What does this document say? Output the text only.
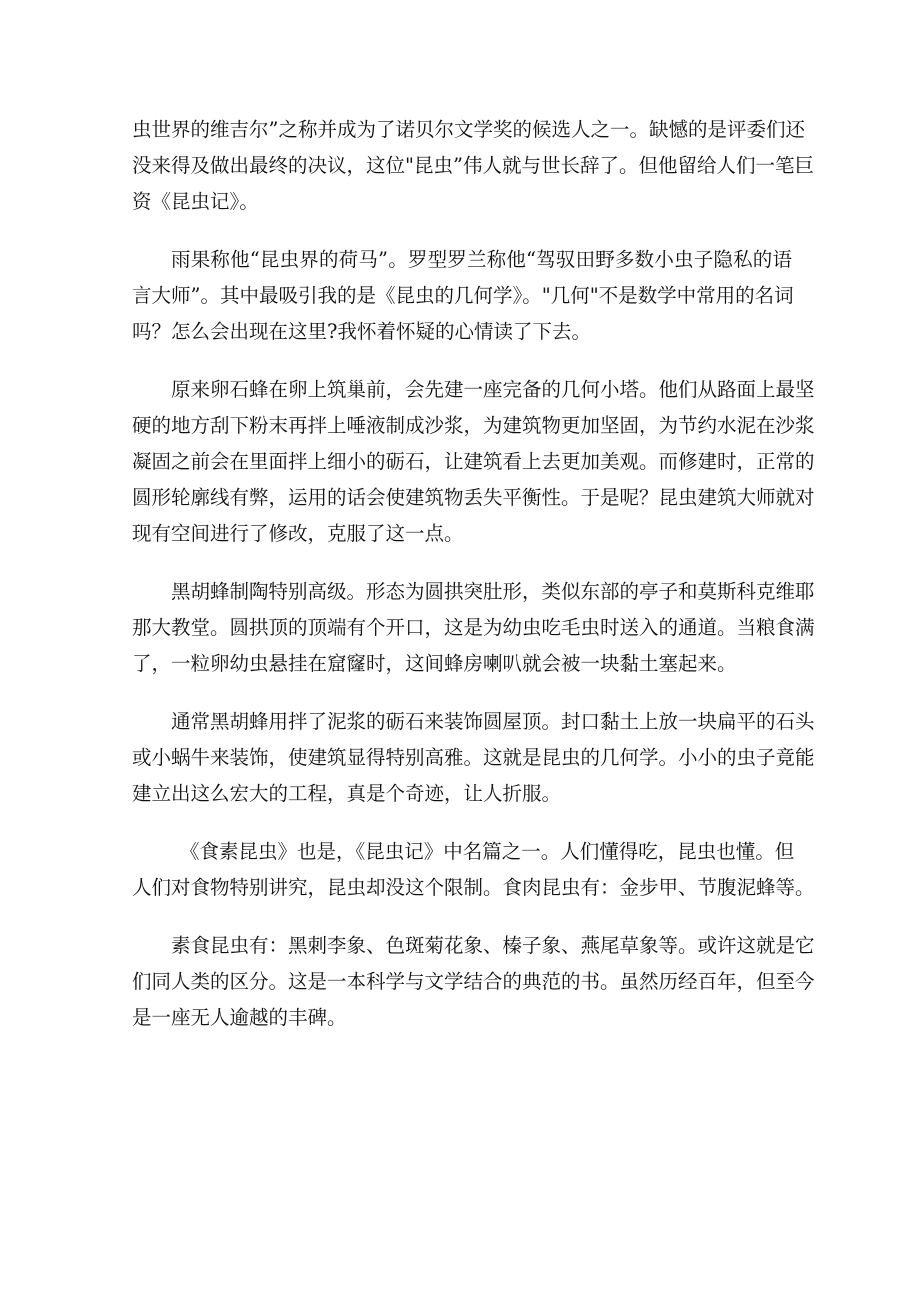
虫世界的维吉尔”之称并成为了诺贝尔文学奖的候选人之一。缺憾的是评委们还
没来得及做出最终的决议，这位"昆虫”伟人就与世长辞了。但他留给人们一笔巨
资《昆虫记》。
雨果称他“昆虫界的荷马”。罗型罗兰称他“驾驭田野多数小虫子隐私的语
言大师”。其中最吸引我的是《昆虫的几何学》。"几何"不是数学中常用的名词
吗？怎么会出现在这里?我怀着怀疑的心情读了下去。
原来卵石蜂在卵上筑巢前，会先建一座完备的几何小塔。他们从路面上最坚
硬的地方刮下粉末再拌上唾液制成沙浆，为建筑物更加坚固，为节约水泥在沙浆
凝固之前会在里面拌上细小的砺石，让建筑看上去更加美观。而修建时，正常的
圆形轮廓线有弊，运用的话会使建筑物丢失平衡性。于是呢？昆虫建筑大师就对
现有空间进行了修改，克服了这一点。
黑胡蜂制陶特别高级。形态为圆拱突肚形，类似东部的亭子和莫斯科克维耶
那大教堂。圆拱顶的顶端有个开口，这是为幼虫吃毛虫时送入的通道。当粮食满
了，一粒卵幼虫悬挂在窟窿时，这间蜂房喇叭就会被一块黏土塞起来。
通常黑胡蜂用拌了泥浆的砺石来装饰圆屋顶。封口黏土上放一块扁平的石头
或小蜗牛来装饰，使建筑显得特别高雅。这就是昆虫的几何学。小小的虫子竟能
建立出这么宏大的工程，真是个奇迹，让人折服。
《食素昆虫》也是，《昆虫记》中名篇之一。人们懂得吃，昆虫也懂。但
人们对食物特别讲究，昆虫却没这个限制。食肉昆虫有：金步甲、节腹泥蜂等。
素食昆虫有：黑刺李象、色斑菊花象、榛子象、燕尾草象等。或许这就是它
们同人类的区分。这是一本科学与文学结合的典范的书。虽然历经百年，但至今
是一座无人逾越的丰碑。
